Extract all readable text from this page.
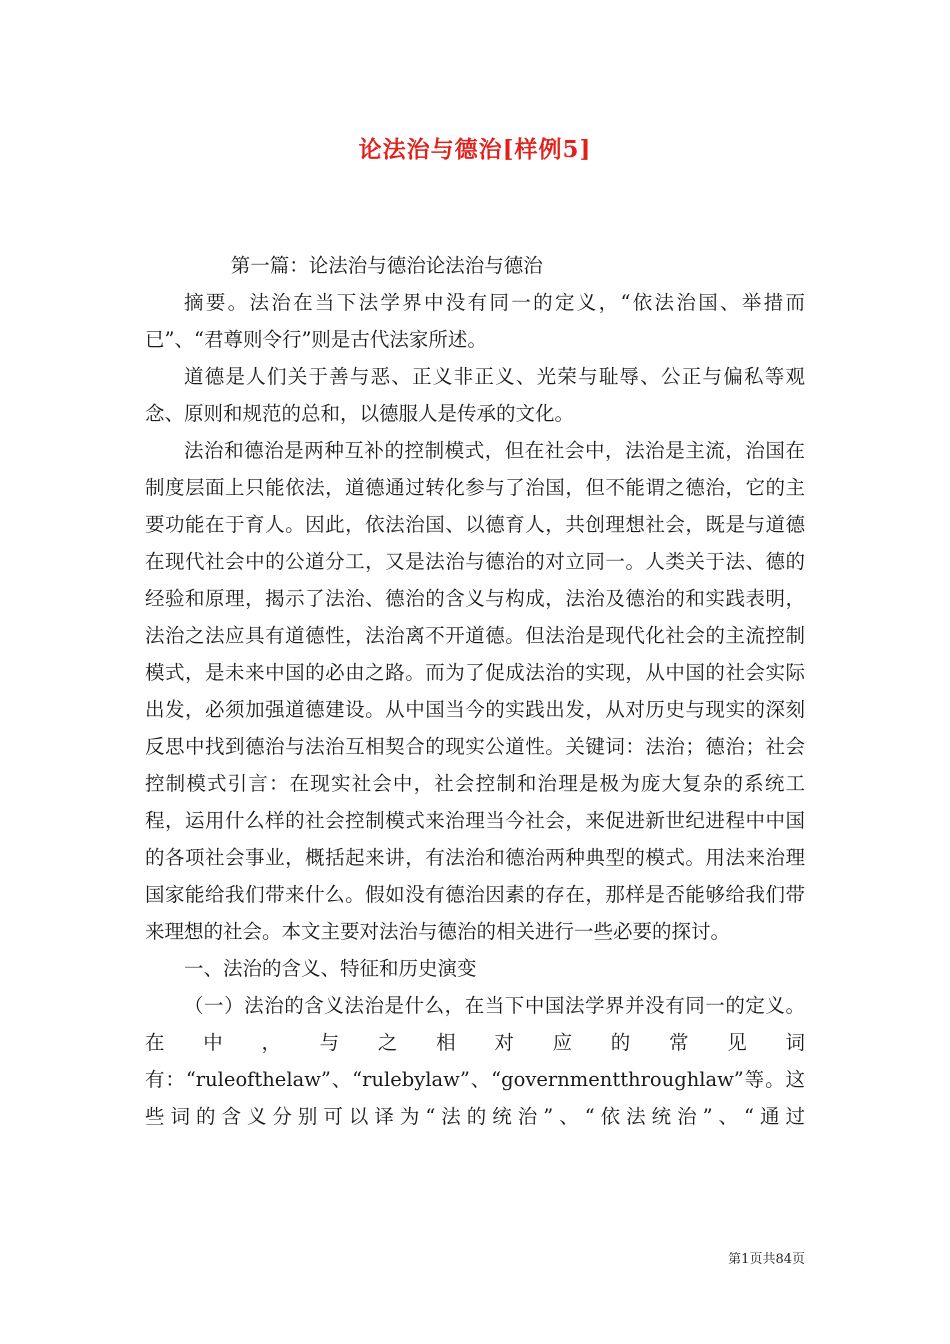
论法治与德治[样例5]

第一篇：论法治与德治论法治与德治

摘要。法治在当下法学界中没有同一的定义，“依法治国、举措而已”、“君尊则令行”则是古代法家所述。

道德是人们关于善与恶、正义非正义、光荣与耻辱、公正与偏私等观念、原则和规范的总和，以德服人是传承的文化。

法治和德治是两种互补的控制模式，但在社会中，法治是主流，治国在制度层面上只能依法，道德通过转化参与了治国，但不能谓之德治，它的主要功能在于育人。因此，依法治国、以德育人，共创理想社会，既是与道德在现代社会中的公道分工，又是法治与德治的对立同一。人类关于法、德的经验和原理，揭示了法治、德治的含义与构成，法治及德治的和实践表明，法治之法应具有道德性，法治离不开道德。但法治是现代化社会的主流控制模式，是未来中国的必由之路。而为了促成法治的实现，从中国的社会实际出发，必须加强道德建设。从中国当今的实践出发，从对历史与现实的深刻反思中找到德治与法治互相契合的现实公道性。关键词：法治；德治；社会控制模式引言：在现实社会中，社会控制和治理是极为庞大复杂的系统工程，运用什么样的社会控制模式来治理当今社会，来促进新世纪进程中中国的各项社会事业，概括起来讲，有法治和德治两种典型的模式。用法来治理国家能给我们带来什么。假如没有德治因素的存在，那样是否能够给我们带来理想的社会。本文主要对法治与德治的相关进行一些必要的探讨。

一、法治的含义、特征和历史演变

（一）法治的含义法治是什么，在当下中国法学界并没有同一的定义。在中，与之相对应的常见词有：“ruleofthelaw”、“rulebylaw”、“governmentthroughlaw”等。这些词的含义分别可以译为“法的统治”、“依法统治”、“通过

第1页共84页
